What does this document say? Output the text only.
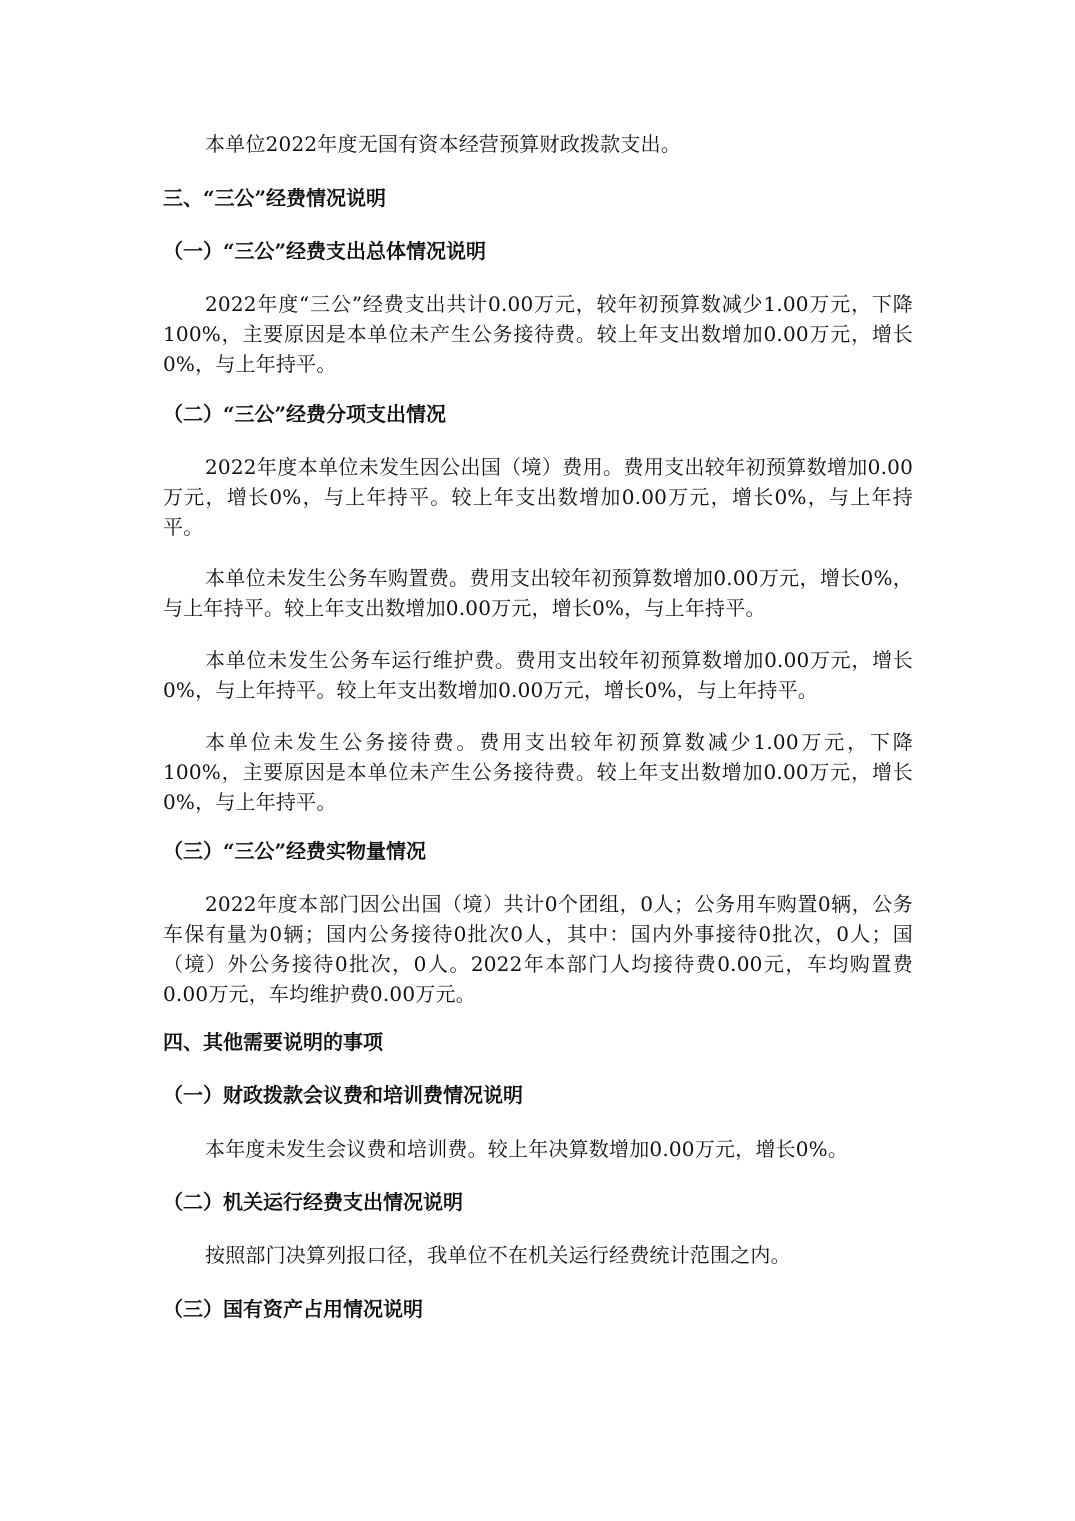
本单位2022年度无国有资本经营预算财政拨款支出。

三、“三公”经费情况说明
（一）“三公”经费支出总体情况说明

2022年度“三公”经费支出共计0.00万元，较年初预算数减少1.00万元，下降100%，主要原因是本单位未产生公务接待费。较上年支出数增加0.00万元，增长0%，与上年持平。

（二）“三公”经费分项支出情况

2022年度本单位未发生因公出国（境）费用。费用支出较年初预算数增加0.00万元，增长0%，与上年持平。较上年支出数增加0.00万元，增长0%，与上年持平。

本单位未发生公务车购置费。费用支出较年初预算数增加0.00万元，增长0%，与上年持平。较上年支出数增加0.00万元，增长0%，与上年持平。

本单位未发生公务车运行维护费。费用支出较年初预算数增加0.00万元，增长0%，与上年持平。较上年支出数增加0.00万元，增长0%，与上年持平。

本单位未发生公务接待费。费用支出较年初预算数减少1.00万元，下降100%，主要原因是本单位未产生公务接待费。较上年支出数增加0.00万元，增长0%，与上年持平。

（三）“三公”经费实物量情况

2022年度本部门因公出国（境）共计0个团组，0人；公务用车购置0辆，公务车保有量为0辆；国内公务接待0批次0人，其中：国内外事接待0批次，0人；国（境）外公务接待0批次，0人。2022年本部门人均接待费0.00元，车均购置费0.00万元，车均维护费0.00万元。

四、其他需要说明的事项
（一）财政拨款会议费和培训费情况说明

本年度未发生会议费和培训费。较上年决算数增加0.00万元，增长0%。

（二）机关运行经费支出情况说明

按照部门决算列报口径，我单位不在机关运行经费统计范围之内。

（三）国有资产占用情况说明
